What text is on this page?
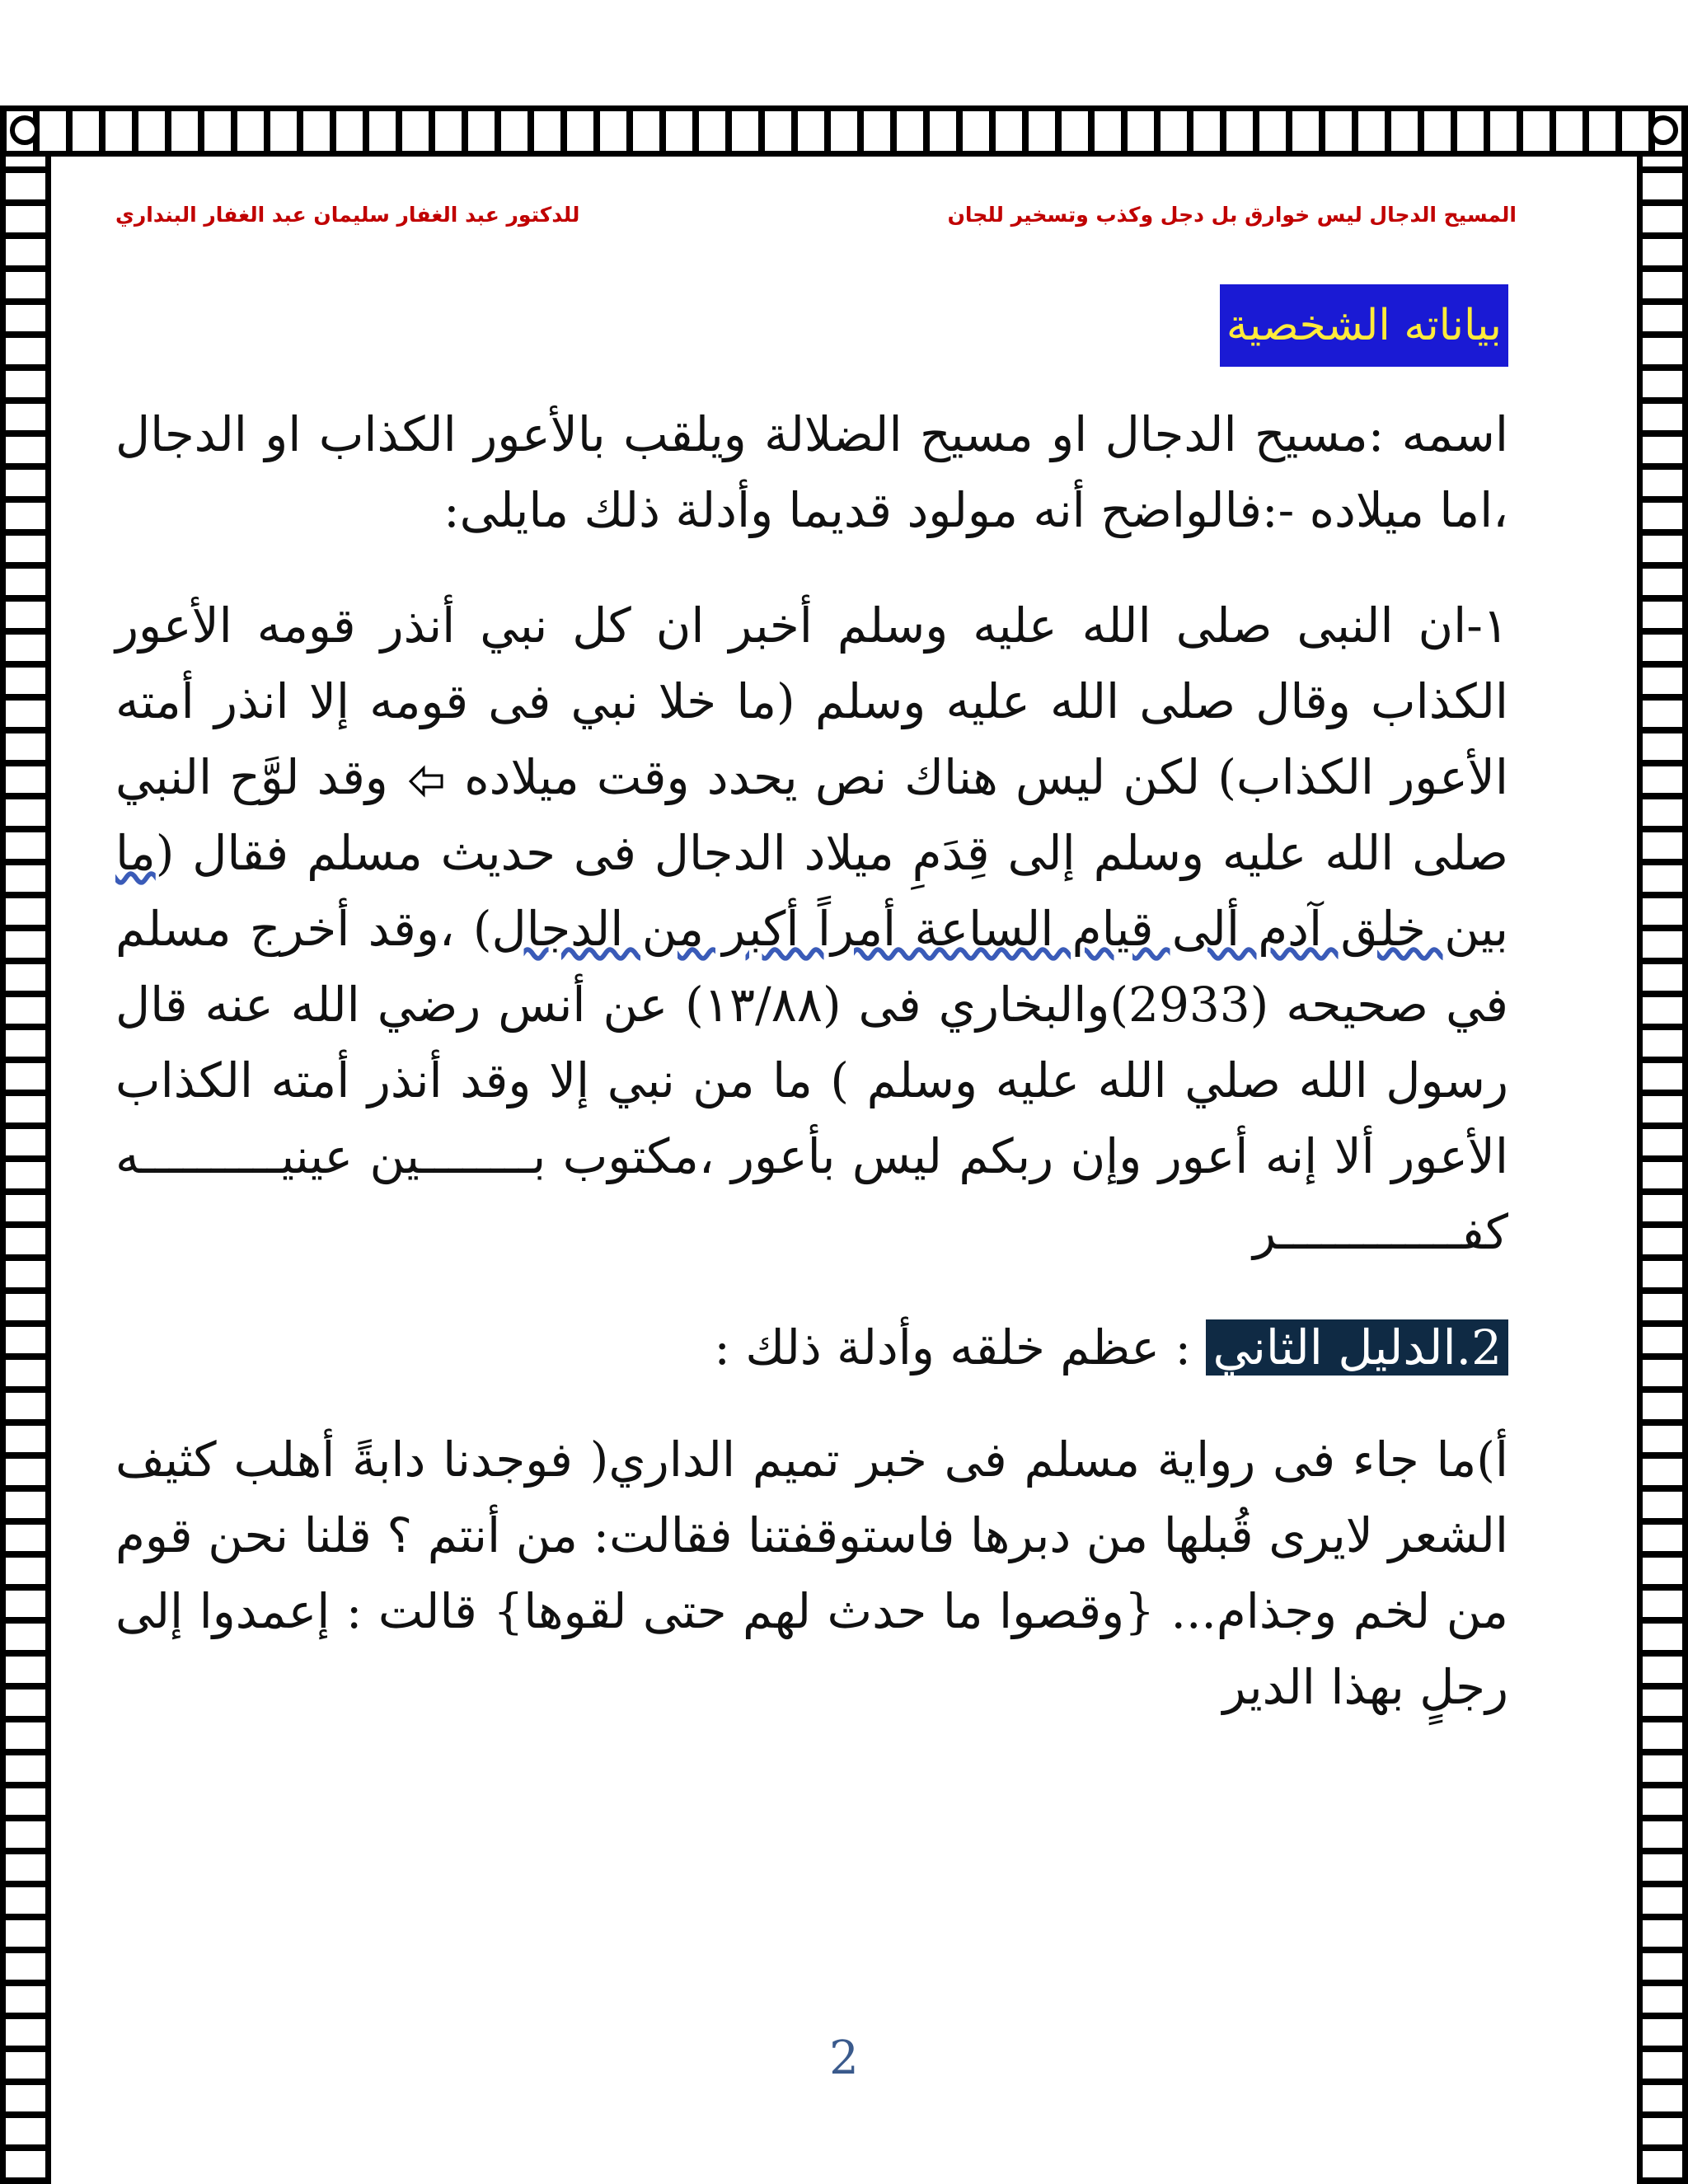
المسيح الدجال ليس خوارق بل دجل وكذب وتسخير للجان
للدكتور عبد الغفار سليمان عبد الغفار البنداري
بياناته الشخصية

اسمه :مسيح الدجال او مسيح الضلالة ويلقب بالأعور الكذاب او الدجال ،اما ميلاده -:فالواضح أنه مولود قديما وأدلة ذلك مايلى:

١-ان النبى صلى الله عليه وسلم أخبر ان كل نبي أنذر قومه الأعور الكذاب وقال صلى الله عليه وسلم (ما خلا نبي فى قومه إلا انذر أمته الأعور الكذاب) لكن ليس هناك نص يحدد وقت ميلاده  وقد لوَّح النبي صلى الله عليه وسلم إلى قِدَمِ ميلاد الدجال فى حديث مسلم فقال (ما بين خلق آدم ألى قيام الساعة أمراً أكبر من الدجال) ،وقد أخرج مسلم في صحيحه (2933)والبخاري فى (١٣/٨٨) عن أنس رضي الله عنه قال رسول الله صلي الله عليه وسلم ) ما من نبي إلا وقد أنذر أمته الكذاب الأعور ألا إنه أعور وإن ربكم ليس بأعور ،مكتوب بــــــــين عينيــــــــــه كفـــــــــــــر

2.الدليل الثاني : عظم خلقه وأدلة ذلك :

أ)ما جاء فى رواية مسلم فى خبر تميم الداري( فوجدنا دابةً أهلب كثيف الشعر لايرى قُبلها من دبرها فاستوقفتنا فقالت: من أنتم ؟ قلنا نحن قوم من لخم وجذام... {وقصوا ما حدث لهم حتى لقوها} قالت : إعمدوا إلى رجلٍ بهذا الدير

2
